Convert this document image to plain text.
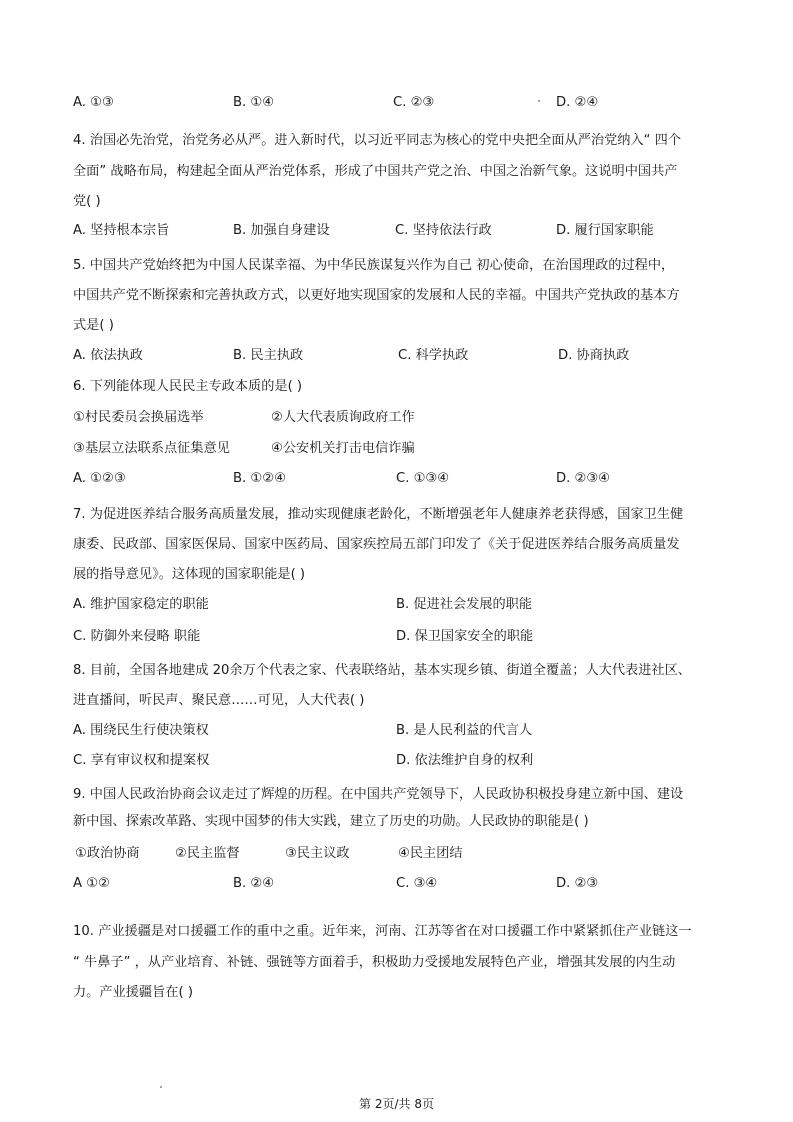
A. ①③	B. ①④	C. ②③	D. ②④
4. 治国必先治党，治党务必从严。进入新时代，以习近平同志为核心的党中央把全面从严治党纳入“ 四个
全面” 战略布局，构建起全面从严治党体系，形成了中国共产党之治、中国之治新气象。这说明中国共产
党( )
A. 坚持根本宗旨	B. 加强自身建设	C. 坚持依法行政	D. 履行国家职能
5. 中国共产党始终把为中国人民谋幸福、为中华民族谋复兴作为自己 初心使命，在治国理政的过程中，
中国共产党不断探索和完善执政方式，以更好地实现国家的发展和人民的幸福。中国共产党执政的基本方
式是( )
A. 依法执政	B. 民主执政	C. 科学执政	D. 协商执政
6. 下列能体现人民民主专政本质的是( )
①村民委员会换届选举	②人大代表质询政府工作
③基层立法联系点征集意见	④公安机关打击电信诈骗
A. ①②③	B. ①②④	C. ①③④	D. ②③④
7. 为促进医养结合服务高质量发展，推动实现健康老龄化，不断增强老年人健康养老获得感，国家卫生健
康委、民政部、国家医保局、国家中医药局、国家疾控局五部门印发了《关于促进医养结合服务高质量发
展的指导意见》。这体现的国家职能是( )
A. 维护国家稳定的职能	B. 促进社会发展的职能
C. 防御外来侵略 职能	D. 保卫国家安全的职能
8. 目前，全国各地建成 20余万个代表之家、代表联络站，基本实现乡镇、街道全覆盖；人大代表进社区、
进直播间，听民声、聚民意……可见，人大代表( )
A. 围绕民生行使决策权	B. 是人民利益的代言人
C. 享有审议权和提案权	D. 依法维护自身的权利
9. 中国人民政治协商会议走过了辉煌的历程。在中国共产党领导下，人民政协积极投身建立新中国、建设
新中国、探索改革路、实现中国梦的伟大实践，建立了历史的功勋。人民政协的职能是( )
①政治协商	②民主监督	③民主议政	④民主团结
A ①②	B. ②④	C. ③④	D. ②③
10. 产业援疆是对口援疆工作的重中之重。近年来，河南、江苏等省在对口援疆工作中紧紧抓住产业链这一
“ 牛鼻子” ，从产业培育、补链、强链等方面着手，积极助力受援地发展特色产业，增强其发展的内生动
力。产业援疆旨在( )
第 2页/共 8页
